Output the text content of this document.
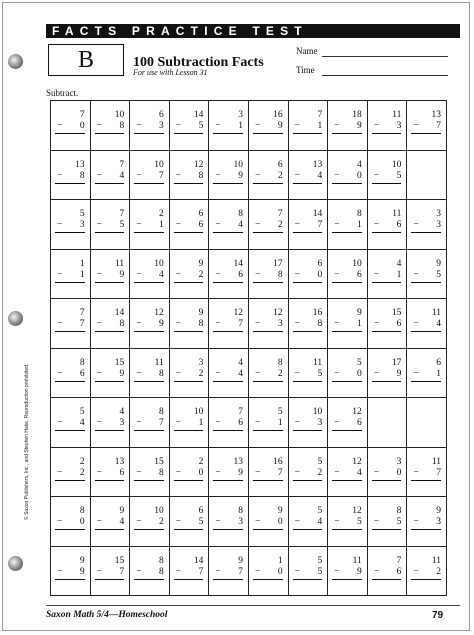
FACTS PRACTICE TEST
B	100 Subtraction Facts
For use with Lesson 31
Name
Time
Subtract.
7
− 0
10
− 8
6
− 3
14
− 5
3
− 1
16
− 9
7
− 1
18
− 9
11
− 3
13
− 7
13
− 8
7
− 4
10
− 7
12
− 8
10
− 9
6
− 2
13
− 4
4
− 0
10
− 5
5
− 3
7
− 5
2
− 1
6
− 6
8
− 4
7
− 2
14
− 7
8
− 1
11
− 6
3
− 3
1
− 1
11
− 9
10
− 4
9
− 2
14
− 6
17
− 8
6
− 0
10
− 6
4
− 1
9
− 5
7
− 7
14
− 8
12
− 9
9
− 8
12
− 7
12
− 3
16
− 8
9
− 1
15
− 6
11
− 4
8
− 6
15
− 9
11
− 8
3
− 2
4
− 4
8
− 2
11
− 5
5
− 0
17
− 9
6
− 1
5
− 4
4
− 3
8
− 7
10
− 1
7
− 6
5
− 1
10
− 3
12
− 6
2
− 2
13
− 6
15
− 8
2
− 0
13
− 9
16
− 7
5
− 2
12
− 4
3
− 0
11
− 7
8
− 0
9
− 4
10
− 2
6
− 5
8
− 3
9
− 0
5
− 4
12
− 5
8
− 5
9
− 3
9
− 9
15
− 7
8
− 8
14
− 7
9
− 7
1
− 0
5
− 5
11
− 9
7
− 6
11
− 2
© Saxon Publishers, Inc., and Stephen Hake. Reproduction prohibited.
Saxon Math 5/4—Homeschool	79
